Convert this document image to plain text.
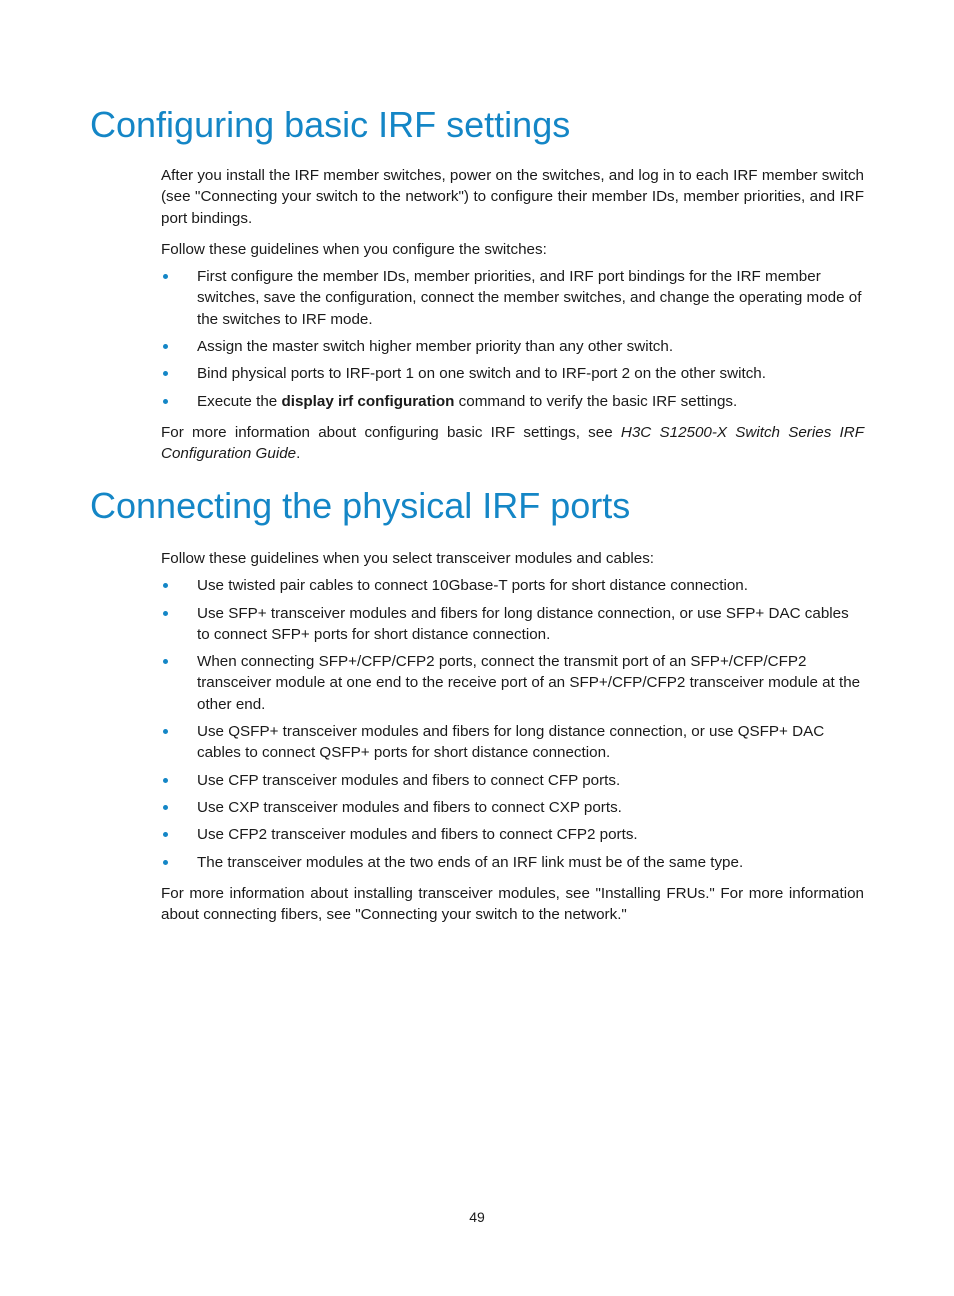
Configuring basic IRF settings

After you install the IRF member switches, power on the switches, and log in to each IRF member switch (see "Connecting your switch to the network") to configure their member IDs, member priorities, and IRF port bindings.

Follow these guidelines when you configure the switches:

First configure the member IDs, member priorities, and IRF port bindings for the IRF member switches, save the configuration, connect the member switches, and change the operating mode of the switches to IRF mode.
Assign the master switch higher member priority than any other switch.
Bind physical ports to IRF-port 1 on one switch and to IRF-port 2 on the other switch.
Execute the display irf configuration command to verify the basic IRF settings.

For more information about configuring basic IRF settings, see H3C S12500-X Switch Series IRF Configuration Guide.

Connecting the physical IRF ports

Follow these guidelines when you select transceiver modules and cables:

Use twisted pair cables to connect 10Gbase-T ports for short distance connection.
Use SFP+ transceiver modules and fibers for long distance connection, or use SFP+ DAC cables to connect SFP+ ports for short distance connection.
When connecting SFP+/CFP/CFP2 ports, connect the transmit port of an SFP+/CFP/CFP2 transceiver module at one end to the receive port of an SFP+/CFP/CFP2 transceiver module at the other end.
Use QSFP+ transceiver modules and fibers for long distance connection, or use QSFP+ DAC cables to connect QSFP+ ports for short distance connection.
Use CFP transceiver modules and fibers to connect CFP ports.
Use CXP transceiver modules and fibers to connect CXP ports.
Use CFP2 transceiver modules and fibers to connect CFP2 ports.
The transceiver modules at the two ends of an IRF link must be of the same type.

For more information about installing transceiver modules, see "Installing FRUs." For more information about connecting fibers, see "Connecting your switch to the network."

49
